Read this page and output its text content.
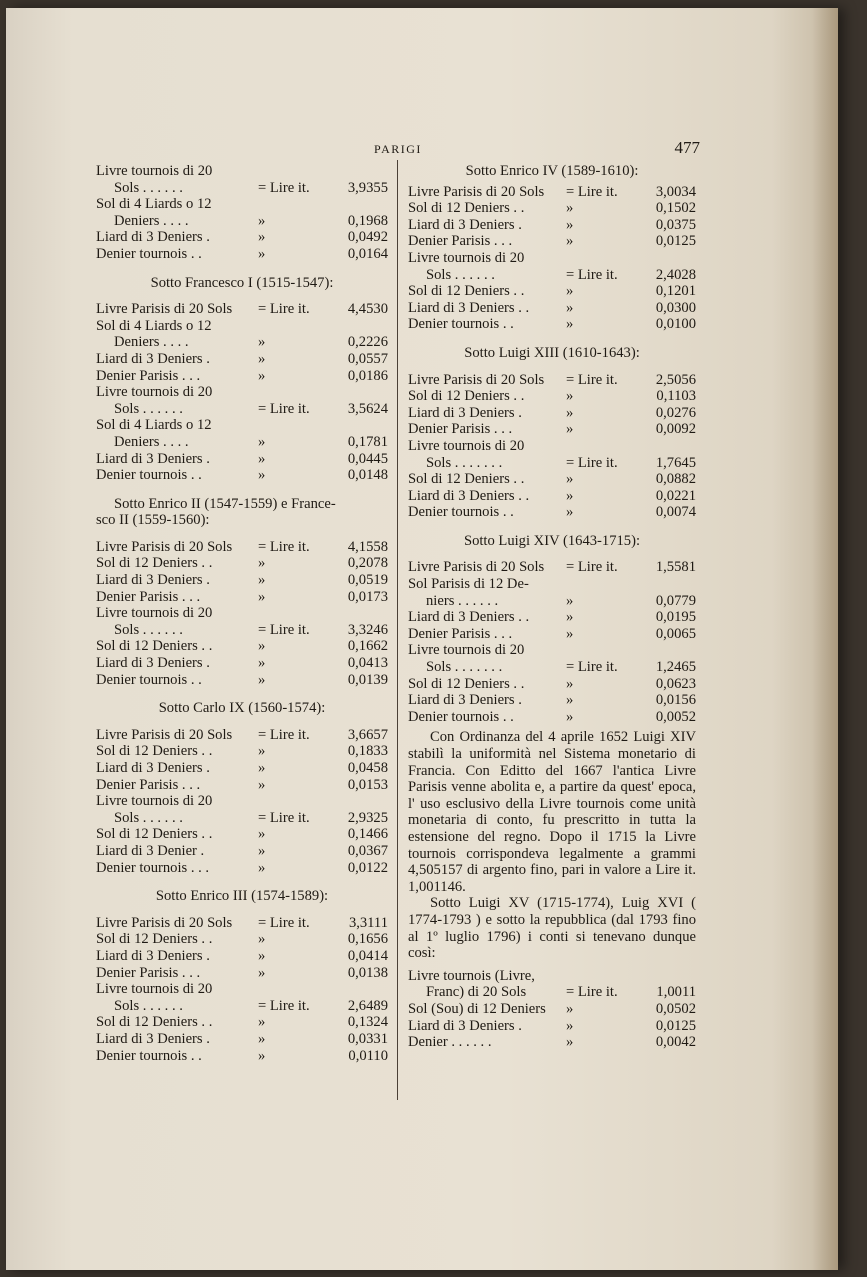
PARIGI	477
Livre tournois di 20
Sols . . . . . .	= Lire it.	3,9355
Sol di 4 Liards o 12
Deniers . . . .	»	0,1968
Liard di 3 Deniers .	»	0,0492
Denier tournois . .	»	0,0164
Sotto Francesco I (1515-1547):
Livre Parisis di 20 Sols	= Lire it.	4,4530
Sol di 4 Liards o 12
Deniers . . . .	»	0,2226
Liard di 3 Deniers .	»	0,0557
Denier Parisis . . .	»	0,0186
Livre tournois di 20
Sols . . . . . .	= Lire it.	3,5624
Sol di 4 Liards o 12
Deniers . . . .	»	0,1781
Liard di 3 Deniers .	»	0,0445
Denier tournois . .	»	0,0148
Sotto Enrico II (1547-1559) e France-
sco II (1559-1560):
Livre Parisis di 20 Sols	= Lire it.	4,1558
Sol di 12 Deniers . .	»	0,2078
Liard di 3 Deniers .	»	0,0519
Denier Parisis . . .	»	0,0173
Livre tournois di 20
Sols . . . . . .	= Lire it.	3,3246
Sol di 12 Deniers . .	»	0,1662
Liard di 3 Deniers .	»	0,0413
Denier tournois . .	»	0,0139
Sotto Carlo IX (1560-1574):
Livre Parisis di 20 Sols	= Lire it.	3,6657
Sol di 12 Deniers . .	»	0,1833
Liard di 3 Deniers .	»	0,0458
Denier Parisis . . .	»	0,0153
Livre tournois di 20
Sols . . . . . .	= Lire it.	2,9325
Sol di 12 Deniers . .	»	0,1466
Liard di 3 Denier .	»	0,0367
Denier tournois . . .	»	0,0122
Sotto Enrico III (1574-1589):
Livre Parisis di 20 Sols	= Lire it.	3,3111
Sol di 12 Deniers . .	»	0,1656
Liard di 3 Deniers .	»	0,0414
Denier Parisis . . .	»	0,0138
Livre tournois di 20
Sols . . . . . .	= Lire it.	2,6489
Sol di 12 Deniers . .	»	0,1324
Liard di 3 Deniers .	»	0,0331
Denier tournois . .	»	0,0110
Sotto Enrico IV (1589-1610):
Livre Parisis di 20 Sols	= Lire it.	3,0034
Sol di 12 Deniers . .	»	0,1502
Liard di 3 Deniers .	»	0,0375
Denier Parisis . . .	»	0,0125
Livre tournois di 20
Sols . . . . . .	= Lire it.	2,4028
Sol di 12 Deniers . .	»	0,1201
Liard di 3 Deniers . .	»	0,0300
Denier tournois . .	»	0,0100
Sotto Luigi XIII (1610-1643):
Livre Parisis di 20 Sols	= Lire it.	2,5056
Sol di 12 Deniers . .	»	0,1103
Liard di 3 Deniers .	»	0,0276
Denier Parisis . . .	»	0,0092
Livre tournois di 20
Sols . . . . . . .	= Lire it.	1,7645
Sol di 12 Deniers . .	»	0,0882
Liard di 3 Deniers . .	»	0,0221
Denier tournois . .	»	0,0074
Sotto Luigi XIV (1643-1715):
Livre Parisis di 20 Sols	= Lire it.	1,5581
Sol Parisis di 12 De-
niers . . . . . .	»	0,0779
Liard di 3 Deniers . .	»	0,0195
Denier Parisis . . .	»	0,0065
Livre tournois di 20
Sols . . . . . . .	= Lire it.	1,2465
Sol di 12 Deniers . .	»	0,0623
Liard di 3 Deniers .	»	0,0156
Denier tournois . .	»	0,0052

Con Ordinanza del 4 aprile 1652 Luigi XIV stabilì la uniformità nel Sistema monetario di Francia. Con Editto del 1667 l'antica Livre Parisis venne abolita e, a partire da quest' epoca, l' uso esclusivo della Livre tournois come unità monetaria di conto, fu prescritto in tutta la estensione del regno. Dopo il 1715 la Livre tournois corrispondeva legalmente a grammi 4,505157 di argento fino, pari in valore a Lire it. 1,001146.

Sotto Luigi XV (1715-1774), Luig XVI ( 1774-1793 ) e sotto la repubblica (dal 1793 fino al 1º luglio 1796) i conti si tenevano dunque così:

Livre tournois (Livre,
Franc) di 20 Sols	= Lire it.	1,0011
Sol (Sou) di 12 Deniers	»	0,0502
Liard di 3 Deniers .	»	0,0125
Denier . . . . . .	»	0,0042
